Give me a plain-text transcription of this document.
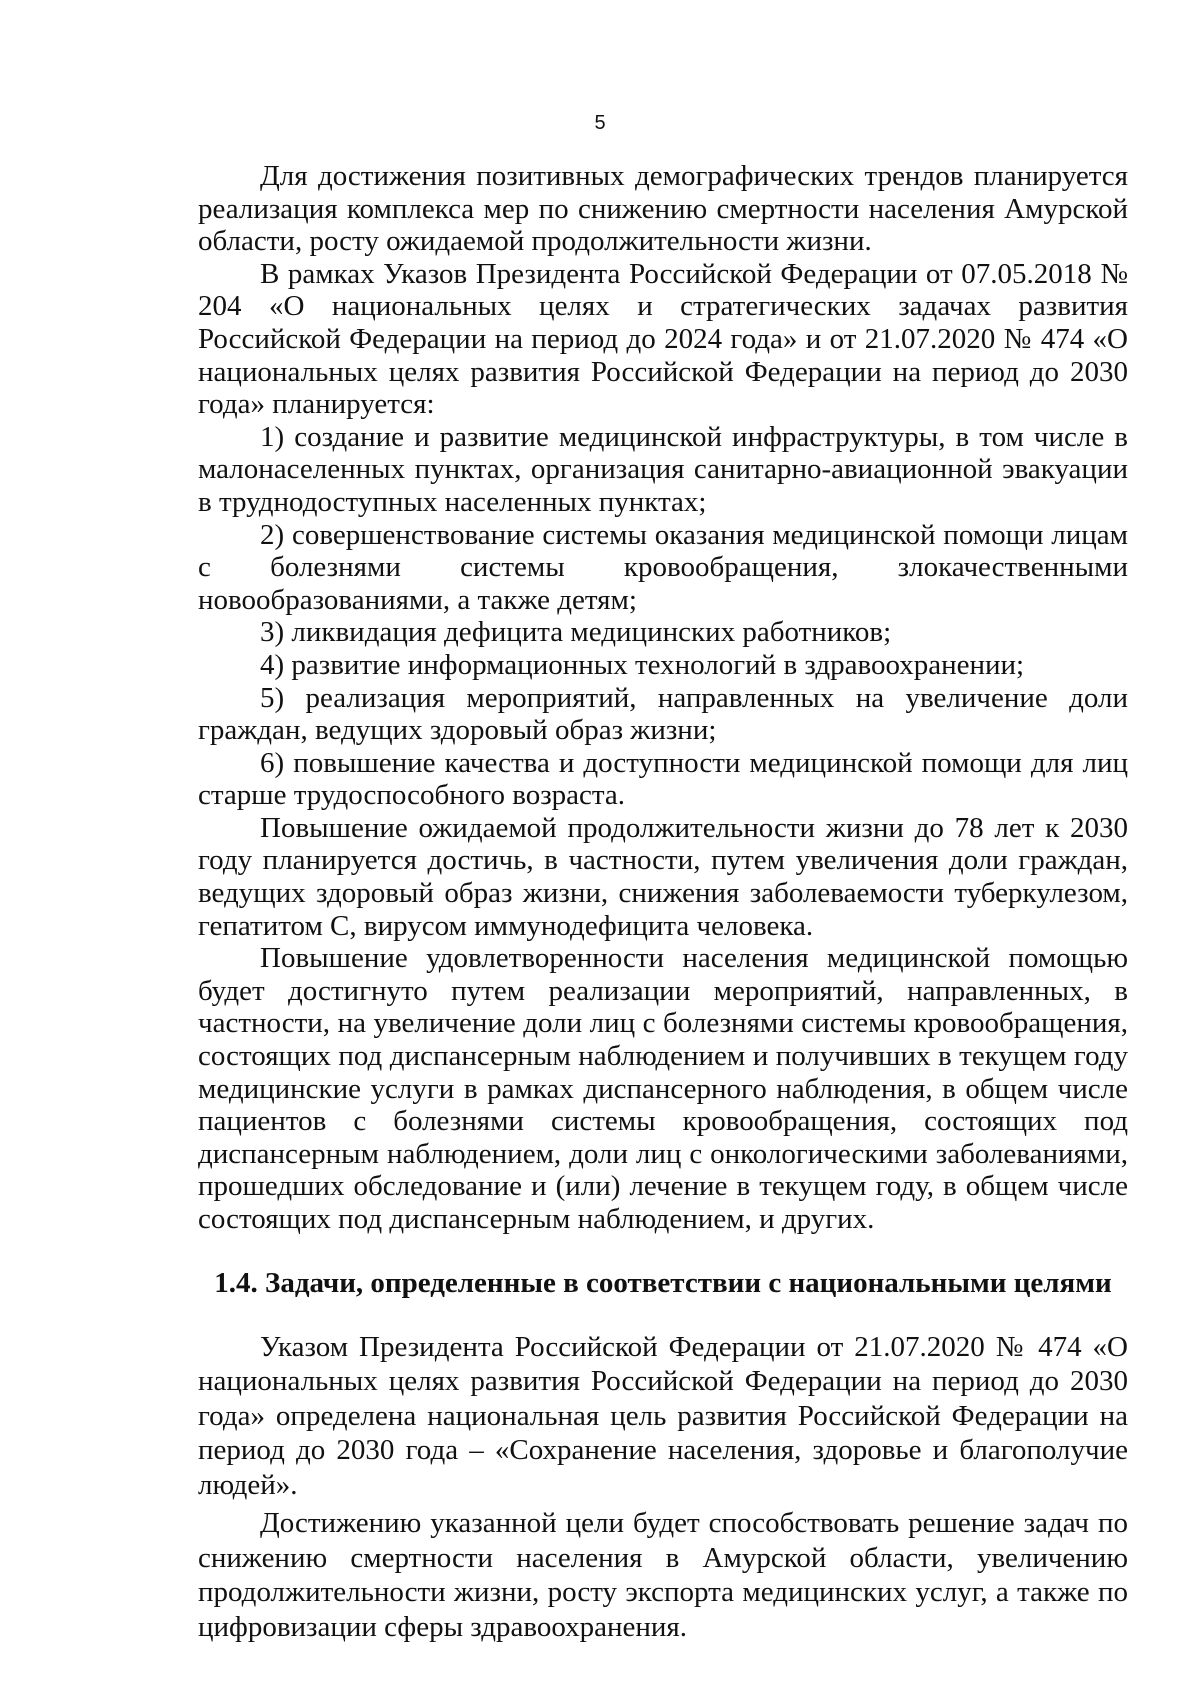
5

Для достижения позитивных демографических трендов планируется реализация комплекса мер по снижению смертности населения Амурской области, росту ожидаемой продолжительности жизни.

В рамках Указов Президента Российской Федерации от 07.05.2018 № 204 «О национальных целях и стратегических задачах развития Российской Федерации на период до 2024 года» и от 21.07.2020 № 474 «О национальных целях развития Российской Федерации на период до 2030 года» планируется:

1) создание и развитие медицинской инфраструктуры, в том числе в малонаселенных пунктах, организация санитарно-авиационной эвакуации в труднодоступных населенных пунктах;

2) совершенствование системы оказания медицинской помощи лицам с болезнями системы кровообращения, злокачественными новообразованиями, а также детям;

3) ликвидация дефицита медицинских работников;

4) развитие информационных технологий в здравоохранении;

5) реализация мероприятий, направленных на увеличение доли граждан, ведущих здоровый образ жизни;

6) повышение качества и доступности медицинской помощи для лиц старше трудоспособного возраста.

Повышение ожидаемой продолжительности жизни до 78 лет к 2030 году планируется достичь, в частности, путем увеличения доли граждан, ведущих здоровый образ жизни, снижения заболеваемости туберкулезом, гепатитом С, вирусом иммунодефицита человека.

Повышение удовлетворенности населения медицинской помощью будет достигнуто путем реализации мероприятий, направленных, в частности, на увеличение доли лиц с болезнями системы кровообращения, состоящих под диспансерным наблюдением и получивших в текущем году медицинские услуги в рамках диспансерного наблюдения, в общем числе пациентов с болезнями системы кровообращения, состоящих под диспансерным наблюдением, доли лиц с онкологическими заболеваниями, прошедших обследование и (или) лечение в текущем году, в общем числе состоящих под диспансерным наблюдением, и других.

1.4. Задачи, определенные в соответствии с национальными целями

Указом Президента Российской Федерации от 21.07.2020 № 474 «О национальных целях развития Российской Федерации на период до 2030 года» определена национальная цель развития Российской Федерации на период до 2030 года – «Сохранение населения, здоровье и благополучие людей».

Достижению указанной цели будет способствовать решение задач по снижению смертности населения в Амурской области, увеличению продолжительности жизни, росту экспорта медицинских услуг, а также по цифровизации сферы здравоохранения.
